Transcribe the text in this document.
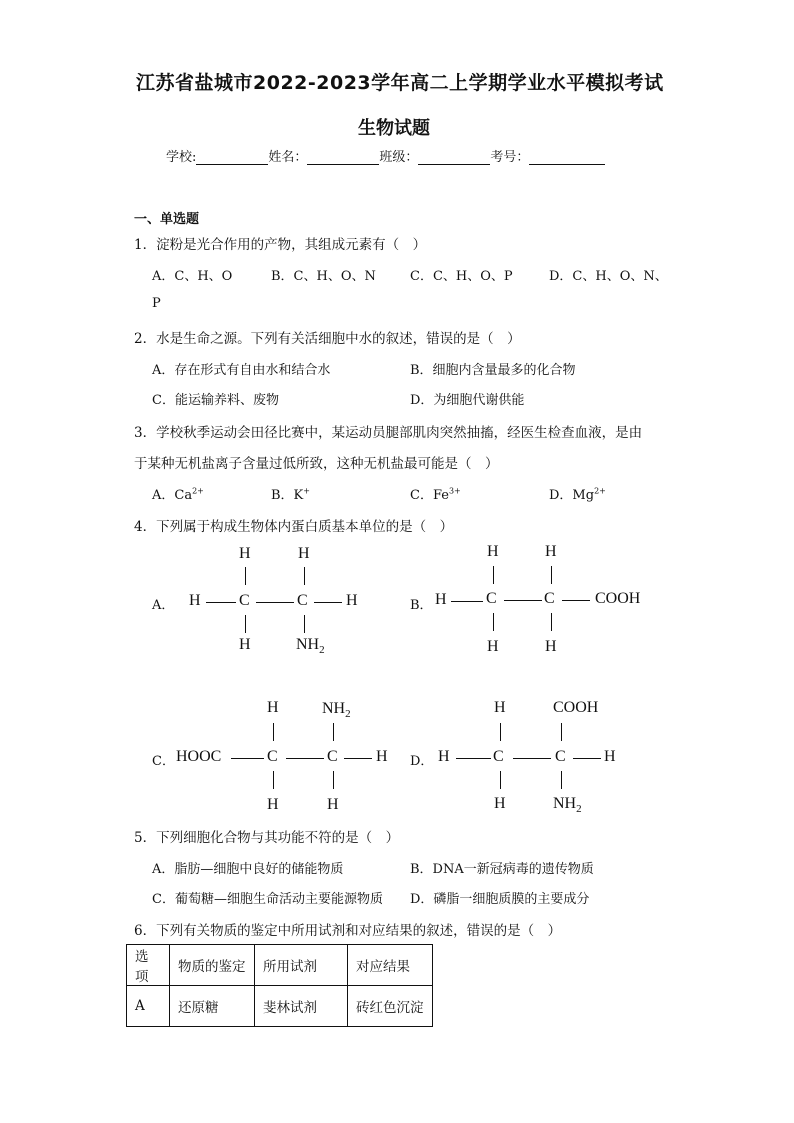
江苏省盐城市2022-2023学年高二上学期学业水平模拟考试
生物试题
学校:	姓名：	班级：	考号：
一、单选题
1．淀粉是光合作用的产物，其组成元素有（　）
A．C、H、O	B．C、H、O、N	C．C、H、O、P	D．C、H、O、N、
P
2．水是生命之源。下列有关活细胞中水的叙述，错误的是（　）
A．存在形式有自由水和结合水	B．细胞内含量最多的化合物
C．能运输养料、废物	D．为细胞代谢供能
3．学校秋季运动会田径比赛中，某运动员腿部肌肉突然抽搐，经医生检查血液，是由
于某种无机盐离子含量过低所致，这种无机盐最可能是（　）
A．$Ca^{2+}$	B．K+	C．$Fe^{3+}$	D．$Mg^{2+}$
4．下列属于构成生物体内蛋白质基本单位的是（　）
A．
H	H
H C	C H
H	$NH_2$
B．
H	H
H C	C	COOH
H	H
C．
H	$NH_2$
HOOC	C	C H
H	H
D．
H	COOH
H	C	C H
H	$NH_2$
5．下列细胞化合物与其功能不符的是（　）
A．脂肪—细胞中良好的储能物质	B．DNA一新冠病毒的遗传物质
C．葡萄糖—细胞生命活动主要能源物质 D．磷脂一细胞质膜的主要成分
6．下列有关物质的鉴定中所用试剂和对应结果的叙述，错误的是（　）
选项	物质的鉴定	所用试剂	对应结果
A	还原糖	斐林试剂	砖红色沉淀
